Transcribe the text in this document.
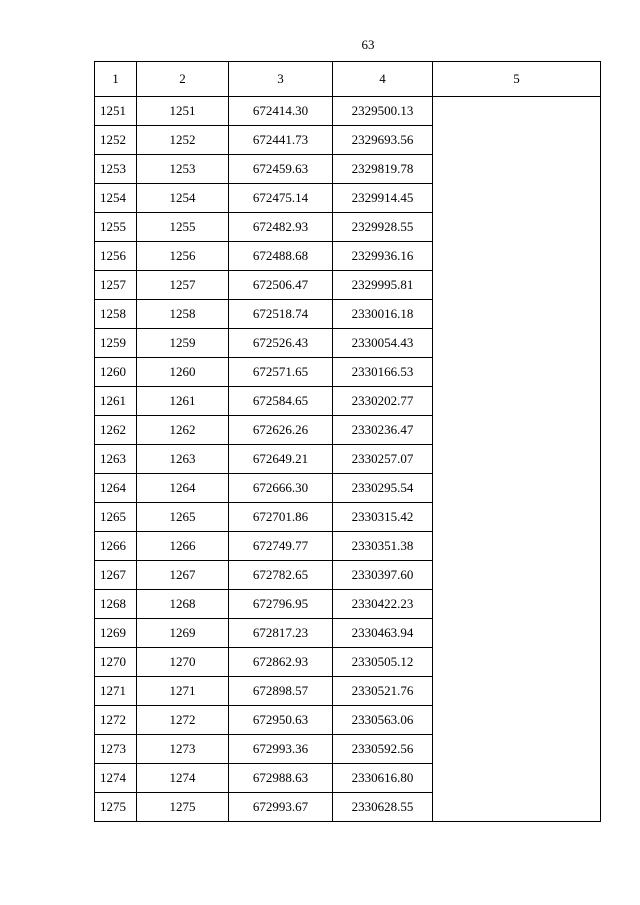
63
1	2	3	4	5
1251	1251	672414.30	2329500.13	
1252	1252	672441.73	2329693.56	
1253	1253	672459.63	2329819.78	
1254	1254	672475.14	2329914.45	
1255	1255	672482.93	2329928.55	
1256	1256	672488.68	2329936.16	
1257	1257	672506.47	2329995.81	
1258	1258	672518.74	2330016.18	
1259	1259	672526.43	2330054.43	
1260	1260	672571.65	2330166.53	
1261	1261	672584.65	2330202.77	
1262	1262	672626.26	2330236.47	
1263	1263	672649.21	2330257.07	
1264	1264	672666.30	2330295.54	
1265	1265	672701.86	2330315.42	
1266	1266	672749.77	2330351.38	
1267	1267	672782.65	2330397.60	
1268	1268	672796.95	2330422.23	
1269	1269	672817.23	2330463.94	
1270	1270	672862.93	2330505.12	
1271	1271	672898.57	2330521.76	
1272	1272	672950.63	2330563.06	
1273	1273	672993.36	2330592.56	
1274	1274	672988.63	2330616.80	
1275	1275	672993.67	2330628.55	
